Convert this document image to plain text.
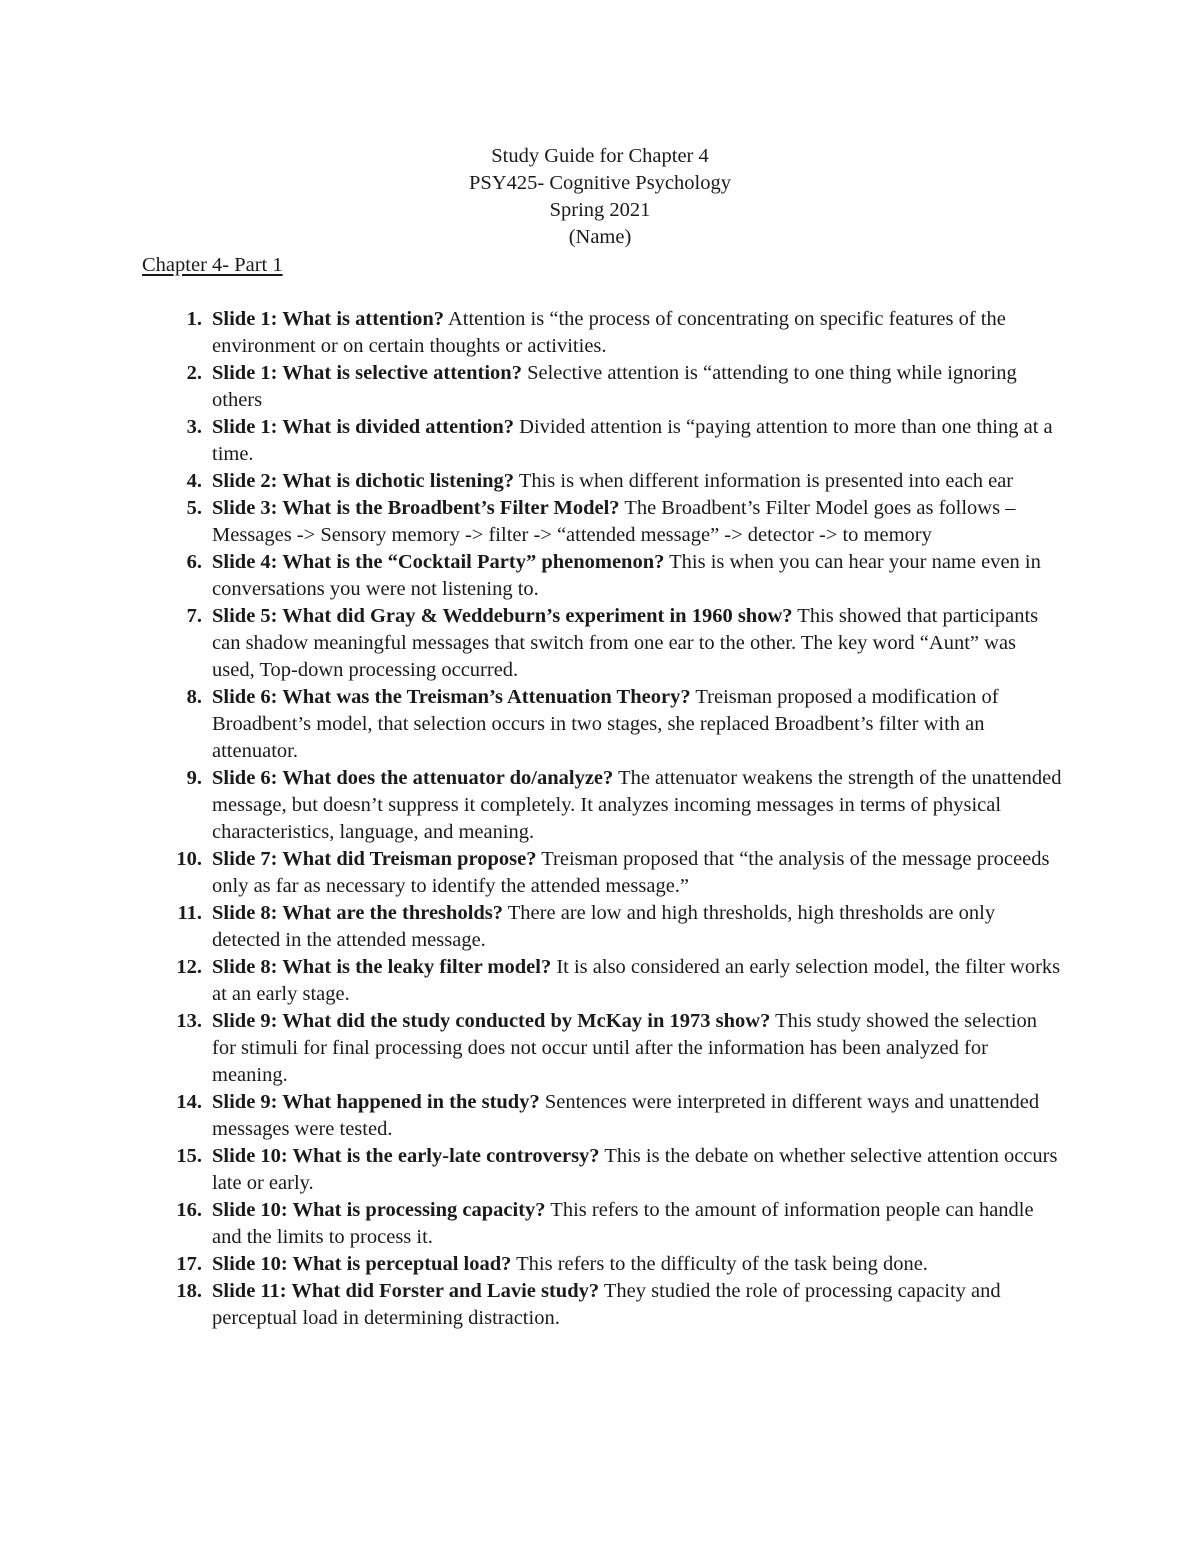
Study Guide for Chapter 4
PSY425- Cognitive Psychology
Spring 2021
(Name)
Chapter 4- Part 1
1. Slide 1: What is attention? Attention is “the process of concentrating on specific features of the environment or on certain thoughts or activities.
2. Slide 1: What is selective attention? Selective attention is “attending to one thing while ignoring others
3. Slide 1: What is divided attention? Divided attention is “paying attention to more than one thing at a time.
4. Slide 2: What is dichotic listening? This is when different information is presented into each ear
5. Slide 3: What is the Broadbent’s Filter Model? The Broadbent’s Filter Model goes as follows – Messages -> Sensory memory -> filter -> “attended message” -> detector -> to memory
6. Slide 4: What is the “Cocktail Party” phenomenon? This is when you can hear your name even in conversations you were not listening to.
7. Slide 5: What did Gray & Weddeburn’s experiment in 1960 show? This showed that participants can shadow meaningful messages that switch from one ear to the other. The key word “Aunt” was used, Top-down processing occurred.
8. Slide 6: What was the Treisman’s Attenuation Theory? Treisman proposed a modification of Broadbent’s model, that selection occurs in two stages, she replaced Broadbent’s filter with an attenuator.
9. Slide 6: What does the attenuator do/analyze? The attenuator weakens the strength of the unattended message, but doesn’t suppress it completely. It analyzes incoming messages in terms of physical characteristics, language, and meaning.
10. Slide 7: What did Treisman propose? Treisman proposed that “the analysis of the message proceeds only as far as necessary to identify the attended message.”
11. Slide 8: What are the thresholds? There are low and high thresholds, high thresholds are only detected in the attended message.
12. Slide 8: What is the leaky filter model? It is also considered an early selection model, the filter works at an early stage.
13. Slide 9: What did the study conducted by McKay in 1973 show? This study showed the selection for stimuli for final processing does not occur until after the information has been analyzed for meaning.
14. Slide 9: What happened in the study? Sentences were interpreted in different ways and unattended messages were tested.
15. Slide 10: What is the early-late controversy? This is the debate on whether selective attention occurs late or early.
16. Slide 10: What is processing capacity? This refers to the amount of information people can handle and the limits to process it.
17. Slide 10: What is perceptual load? This refers to the difficulty of the task being done.
18. Slide 11: What did Forster and Lavie study? They studied the role of processing capacity and perceptual load in determining distraction.
